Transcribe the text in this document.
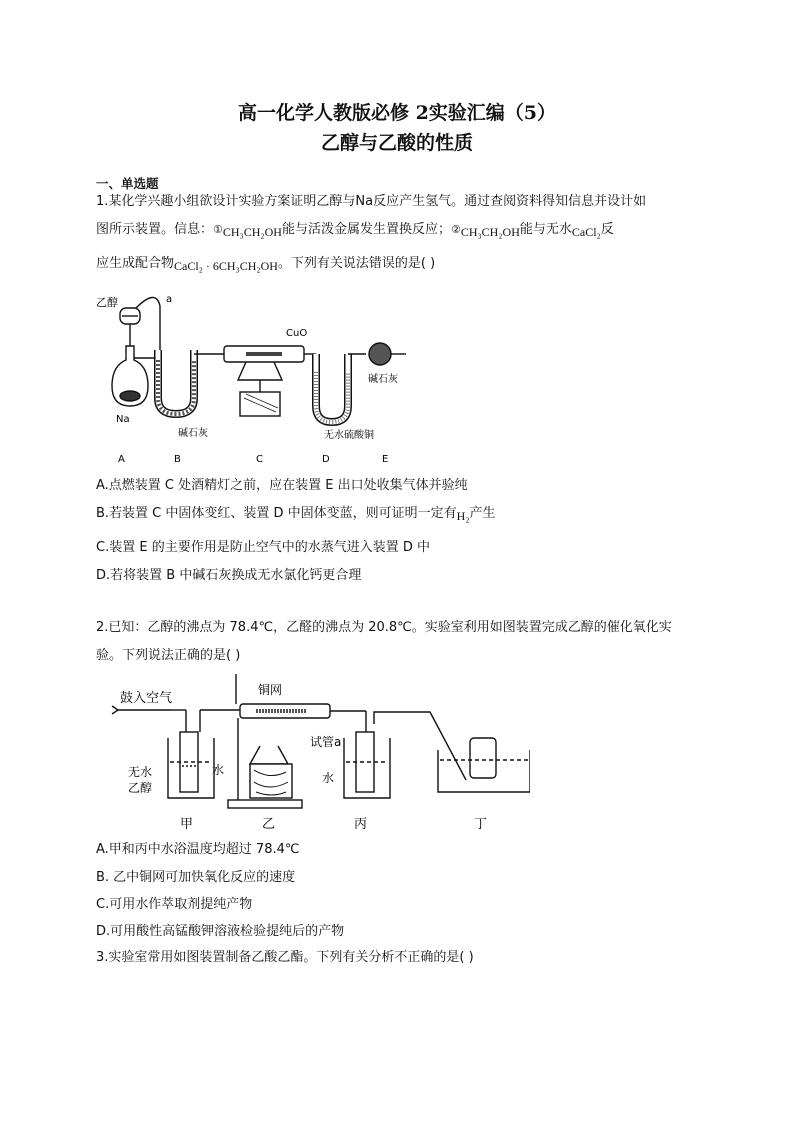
高一化学人教版必修 2实验汇编（5）
乙醇与乙酸的性质
一、单选题
1.某化学兴趣小组欲设计实验方案证明乙醇与Na反应产生氢气。通过查阅资料得知信息并设计如
图所示装置。信息：①CH₃CH₂OH能与活泼金属发生置换反应；②CH₃CH₂OH能与无水CaCl₂反
应生成配合物CaCl₂ · 6CH₃CH₂OH。下列有关说法错误的是( )
乙醇	a
Na
CuO
碱石灰
碱石灰
无水硫酸铜
A	B	C	D	E
A.点燃装置 C 处酒精灯之前，应在装置 E 出口处收集气体并验纯
B.若装置 C 中固体变红、装置 D 中固体变蓝，则可证明一定有H₂产生
C.装置 E 的主要作用是防止空气中的水蒸气进入装置 D 中
D.若将装置 B 中碱石灰换成无水氯化钙更合理
2.已知：乙醇的沸点为 78.4℃，乙醛的沸点为 20.8℃。实验室利用如图装置完成乙醇的催化氧化实
验。下列说法正确的是( )
鼓入空气
铜网
试管a
水
水
无水
乙醇
甲	乙	丙	丁
A.甲和丙中水浴温度均超过 78.4℃
B. 乙中铜网可加快氧化反应的速度
C.可用水作萃取剂提纯产物
D.可用酸性高锰酸钾溶液检验提纯后的产物
3.实验室常用如图装置制备乙酸乙酯。下列有关分析不正确的是( )
